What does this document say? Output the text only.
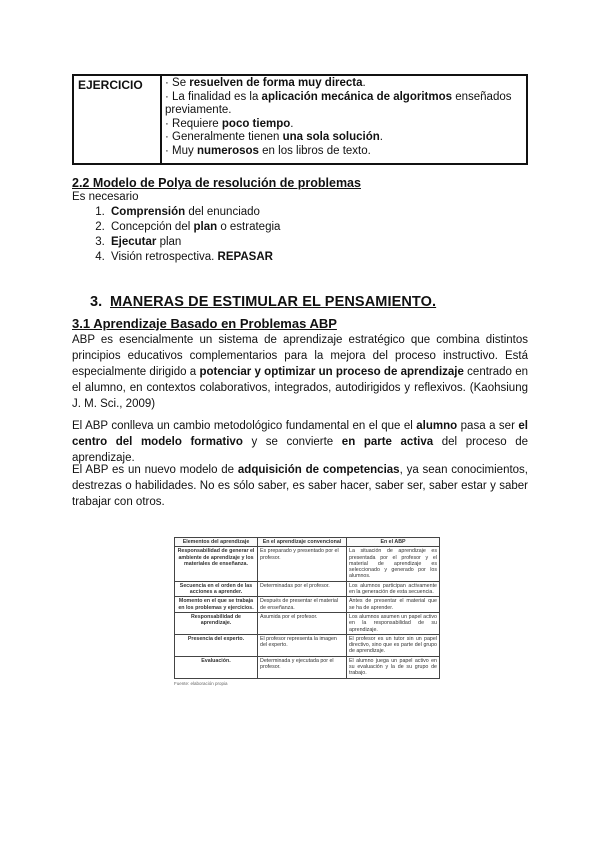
EJERCICIO	· Se resuelven de forma muy directa.
· La finalidad es la aplicación mecánica de algoritmos enseñados previamente.
· Requiere poco tiempo.
· Generalmente tienen una sola solución.
· Muy numerosos en los libros de texto.
2.2 Modelo de Polya de resolución de problemas
Es necesario
1. Comprensión del enunciado
2. Concepción del plan o estrategia
3. Ejecutar plan
4. Visión retrospectiva. REPASAR
3. MANERAS DE ESTIMULAR EL PENSAMIENTO.
3.1 Aprendizaje Basado en Problemas ABP

ABP es esencialmente un sistema de aprendizaje estratégico que combina distintos principios educativos complementarios para la mejora del proceso instructivo. Está especialmente dirigido a potenciar y optimizar un proceso de aprendizaje centrado en el alumno, en contextos colaborativos, integrados, autodirigidos y reflexivos. (Kaohsiung J. M. Sci., 2009)

El ABP conlleva un cambio metodológico fundamental en el que el alumno pasa a ser el centro del modelo formativo y se convierte en parte activa del proceso de aprendizaje.

El ABP es un nuevo modelo de adquisición de competencias, ya sean conocimientos, destrezas o habilidades. No es sólo saber, es saber hacer, saber ser, saber estar y saber trabajar con otros.

Elementos del aprendizaje	En el aprendizaje convencional	En el ABP
Responsabilidad de generar el ambiente de aprendizaje y los materiales de enseñanza.	Es preparado y presentado por el profesor.	La situación de aprendizaje es presentada por el profesor y el material de aprendizaje es seleccionado y generado por los alumnos.
Secuencia en el orden de las acciones a aprender.	Determinadas por el profesor.	Los alumnos participan activamente en la generación de esta secuencia.
Momento en el que se trabaja en los problemas y ejercicios.	Después de presentar el material de enseñanza.	Antes de presentar el material que se ha de aprender.
Responsabilidad de aprendizaje.	Asumida por el profesor.	Los alumnos asumen un papel activo en la responsabilidad de su aprendizaje.
Presencia del experto.	El profesor representa la imagen del experto.	El profesor es un tutor sin un papel directivo, sino que es parte del grupo de aprendizaje.
Evaluación.	Determinada y ejecutada por el profesor.	El alumno juega un papel activo en su evaluación y la de su grupo de trabajo.
Fuente: elaboración propia
